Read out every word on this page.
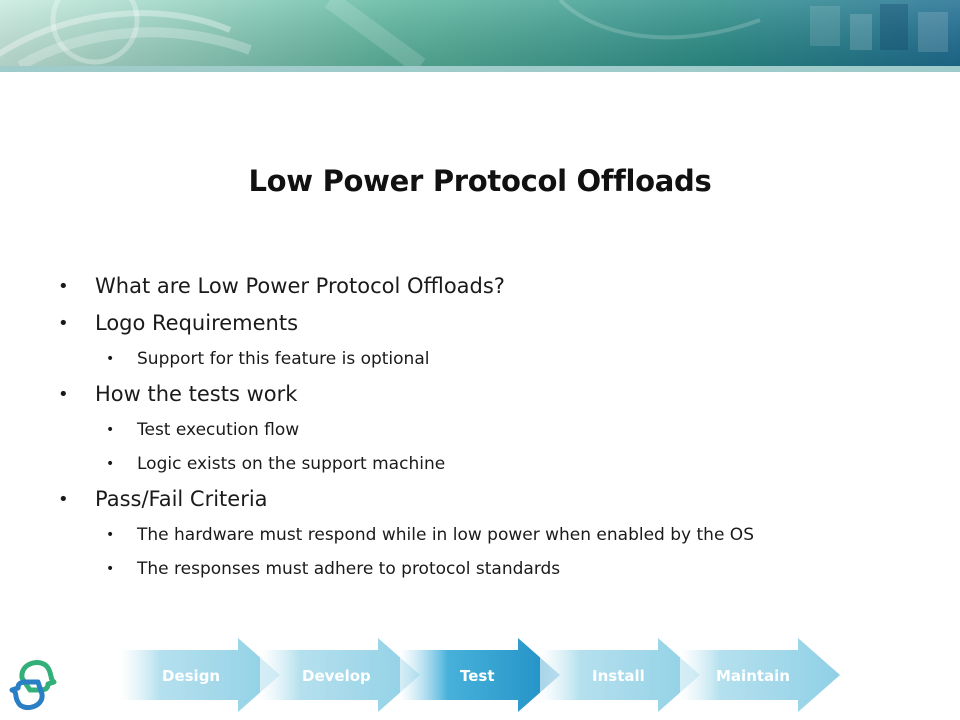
Low Power Protocol Offloads
• What are Low Power Protocol Offloads?
• Logo Requirements
• Support for this feature is optional
• How the tests work
• Test execution flow
• Logic exists on the support machine
• Pass/Fail Criteria
• The hardware must respond while in low power when enabled by the OS
• The responses must adhere to protocol standards
Design	Develop	Test	Install	Maintain
